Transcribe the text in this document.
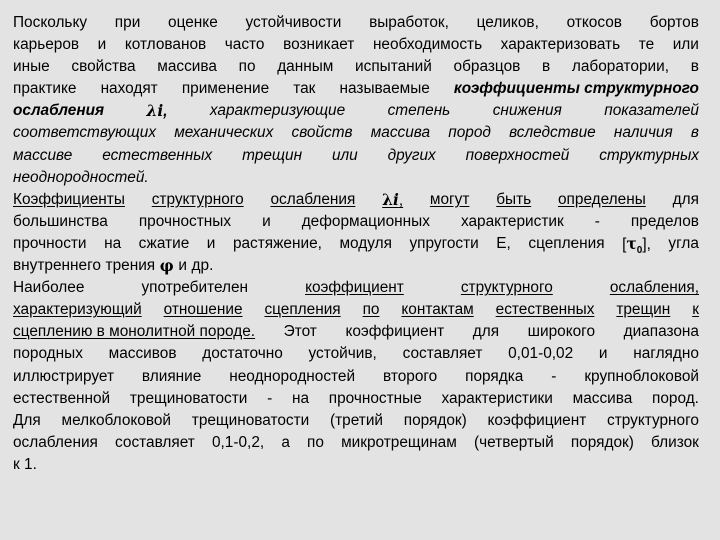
Поскольку при оценке устойчивости выработок, целиков, откосов бортов
карьеров и котлованов часто возникает необходимость характеризовать те или
иные свойства массива по данным испытаний образцов в лаборатории, в
практике находят применение так называемые коэффициенты структурного
ослабления	λi,	характеризующие	степень	снижения	показателей
соответствующих механических свойств массива пород вследствие наличия в
массиве естественных трещин или других поверхностей структурных
неоднородностей.
Коэффициенты структурного ослабления λi, могут быть определены для
большинства прочностных и деформационных характеристик - пределов
прочности на сжатие и растяжение, модуля упругости Е, сцепления $[\tau_0]$, угла
внутреннего трения φ и др.
Наиболее	употребителен	коэффициент	структурного	ослабления,
характеризующий отношение сцепления по контактам естественных трещин к
сцеплению в монолитной породе. Этот коэффициент для широкого диапазона
породных массивов достаточно устойчив, составляет 0,01-0,02 и наглядно
иллюстрирует влияние неоднородностей второго порядка - крупноблоковой
естественной трещиноватости - на прочностные характеристики массива пород.
Для мелкоблоковой трещиноватости (третий порядок) коэффициент структурного
ослабления составляет 0,1-0,2, а по микротрещинам (четвертый порядок) близок
к 1.
